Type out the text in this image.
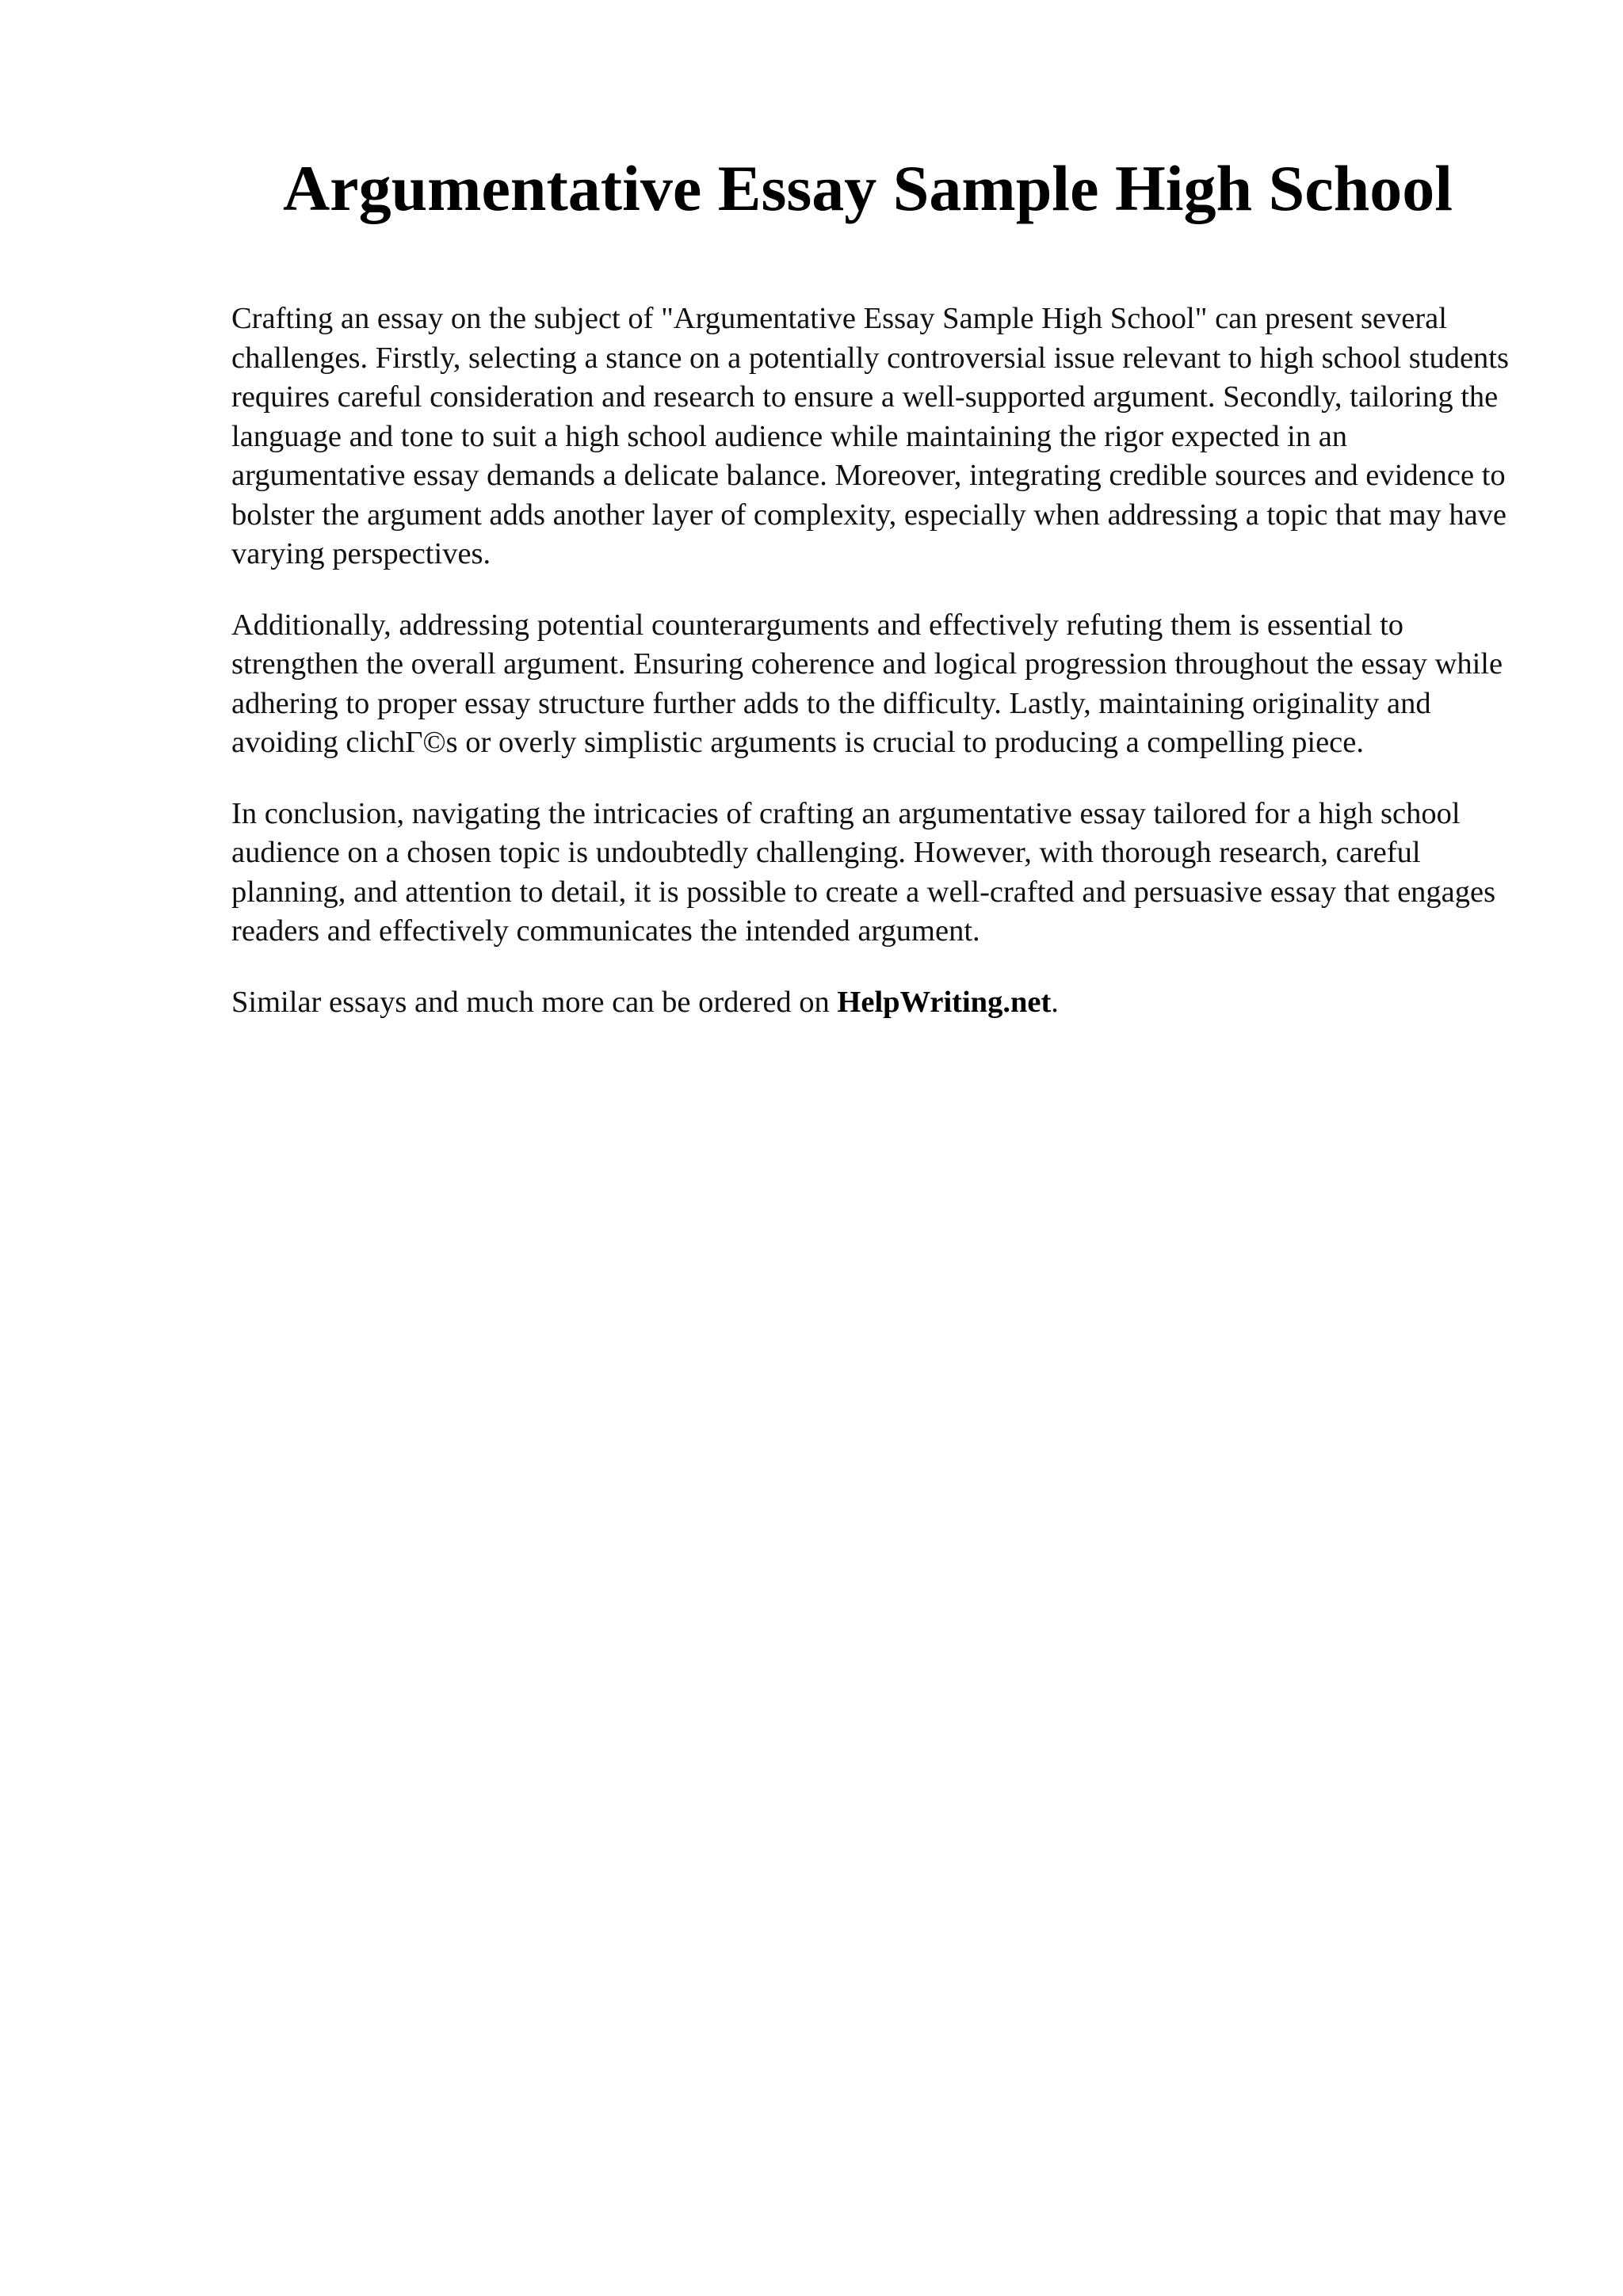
Argumentative Essay Sample High School

Crafting an essay on the subject of "Argumentative Essay Sample High School" can present several challenges. Firstly, selecting a stance on a potentially controversial issue relevant to high school students requires careful consideration and research to ensure a well-supported argument. Secondly, tailoring the language and tone to suit a high school audience while maintaining the rigor expected in an argumentative essay demands a delicate balance. Moreover, integrating credible sources and evidence to bolster the argument adds another layer of complexity, especially when addressing a topic that may have varying perspectives.

Additionally, addressing potential counterarguments and effectively refuting them is essential to strengthen the overall argument. Ensuring coherence and logical progression throughout the essay while adhering to proper essay structure further adds to the difficulty. Lastly, maintaining originality and avoiding clichΓ©s or overly simplistic arguments is crucial to producing a compelling piece.

In conclusion, navigating the intricacies of crafting an argumentative essay tailored for a high school audience on a chosen topic is undoubtedly challenging. However, with thorough research, careful planning, and attention to detail, it is possible to create a well-crafted and persuasive essay that engages readers and effectively communicates the intended argument.

Similar essays and much more can be ordered on HelpWriting.net.
